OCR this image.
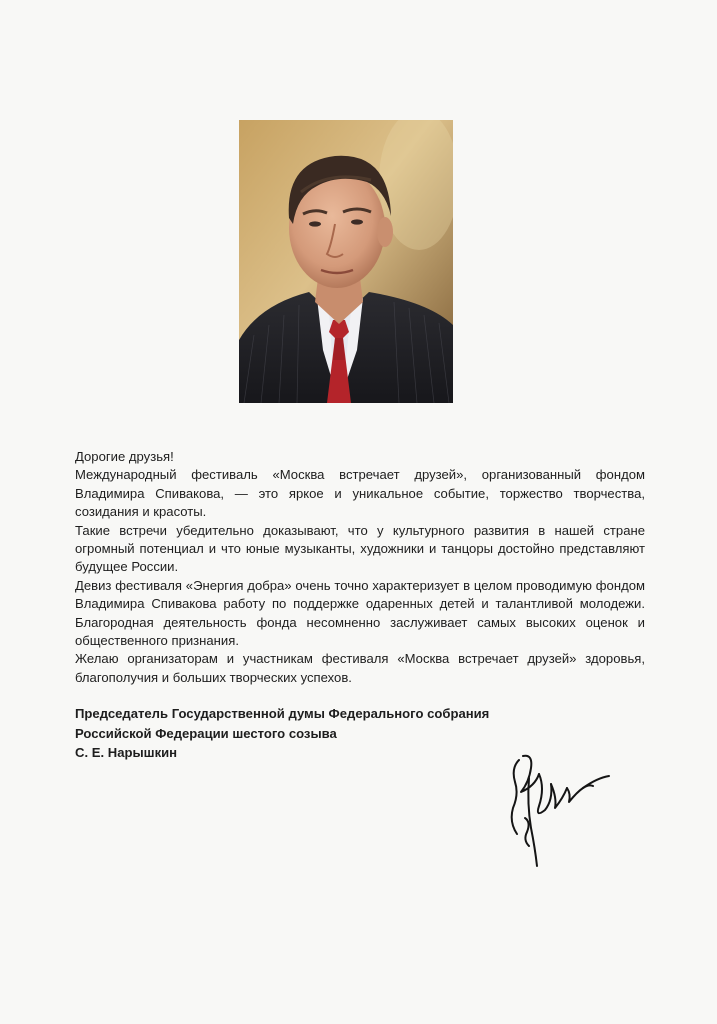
Дорогие друзья!

Международный фестиваль «Москва встречает друзей», организованный фондом Владимира Спивакова, — это яркое и уникальное событие, торжество творчества, созидания и красоты.

Такие встречи убедительно доказывают, что у культурного развития в нашей стране огромный потенциал и что юные музыканты, художники и танцоры достойно представляют будущее России.

Девиз фестиваля «Энергия добра» очень точно характеризует в целом проводимую фондом Владимира Спивакова работу по поддержке одаренных детей и талантливой молодежи. Благородная деятельность фонда несомненно заслуживает самых высоких оценок и общественного признания.

Желаю организаторам и участникам фестиваля «Москва встречает друзей» здоровья, благополучия и больших творческих успехов.

Председатель Государственной думы Федерального собрания
Российской Федерации шестого созыва
С. Е. Нарышкин
